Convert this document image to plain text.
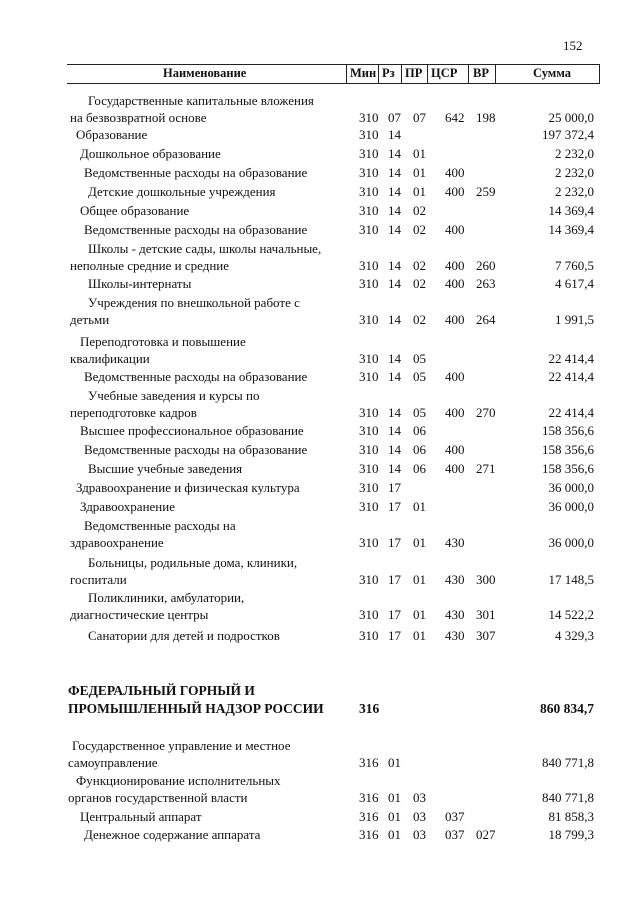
152
Наименование	Мин Рз ПР ЦСР ВР	Сумма
Государственные капитальные вложения
на безвозвратной основе	310 07 07 642 198	25 000,0
Образование	310 14	197 372,4
Дошкольное образование	310 14 01	2 232,0
Ведомственные расходы на образование	310 14 01 400	2 232,0
Детские дошкольные учреждения	310 14 01 400 259	2 232,0
Общее образование	310 14 02	14 369,4
Ведомственные расходы на образование	310 14 02 400	14 369,4
Школы - детские сады, школы начальные,
неполные средние и средние	310 14 02 400 260	7 760,5
Школы-интернаты	310 14 02 400 263	4 617,4
Учреждения по внешкольной работе с
детьми	310 14 02 400 264	1 991,5
Переподготовка и повышение
квалификации	310 14 05	22 414,4
Ведомственные расходы на образование	310 14 05 400	22 414,4
Учебные заведения и курсы по
переподготовке кадров	310 14 05 400 270	22 414,4
Высшее профессиональное образование	310 14 06	158 356,6
Ведомственные расходы на образование	310 14 06 400	158 356,6
Высшие учебные заведения	310 14 06 400 271	158 356,6
Здравоохранение и физическая культура	310 17	36 000,0
Здравоохранение	310 17 01	36 000,0
Ведомственные расходы на
здравоохранение	310 17 01 430	36 000,0
Больницы, родильные дома, клиники,
госпитали	310 17 01 430 300	17 148,5
Поликлиники, амбулатории,
диагностические центры	310 17 01 430 301	14 522,2
Санатории для детей и подростков	310 17 01 430 307	4 329,3
ФЕДЕРАЛЬНЫЙ ГОРНЫЙ И
ПРОМЫШЛЕННЫЙ НАДЗОР РОССИИ	316	860 834,7
Государственное управление и местное
самоуправление	316 01	840 771,8
Функционирование исполнительных
органов государственной власти	316 01 03	840 771,8
Центральный аппарат	316 01 03 037	81 858,3
Денежное содержание аппарата	316 01 03 037 027	18 799,3
